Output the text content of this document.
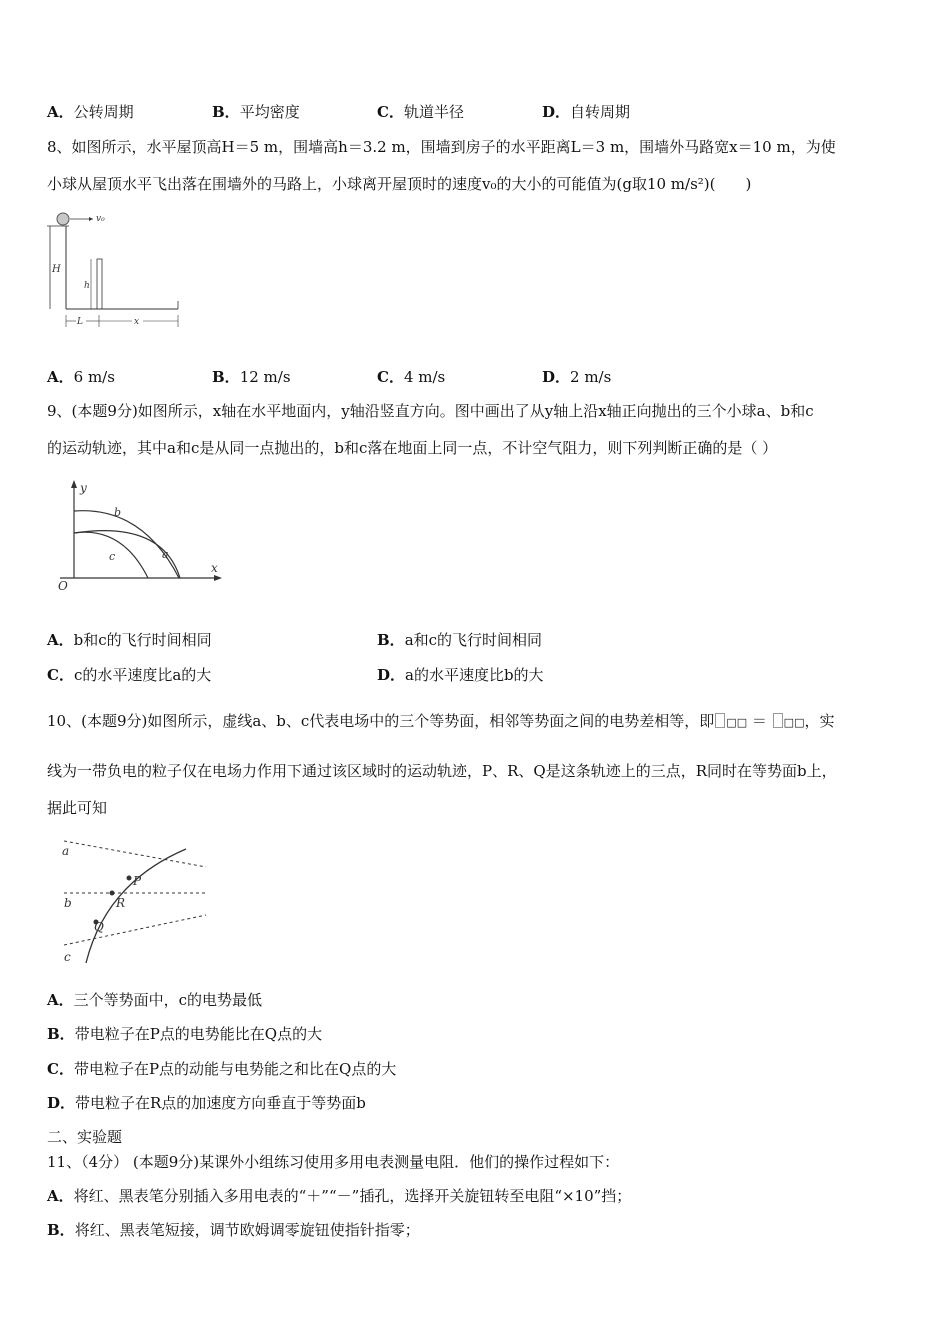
A．公转周期	B．平均密度	C．轨道半径	D．自转周期
8、如图所示，水平屋顶高H＝5 m，围墙高h＝3.2 m，围墙到房子的水平距离L＝3 m，围墙外马路宽x＝10 m，为使
小球从屋顶水平飞出落在围墙外的马路上，小球离开屋顶时的速度v₀的大小的可能值为(g取10 m/s²)(　　)
v₀
H
h
L	x
A．6 m/s	B．12 m/s	C．4 m/s	D．2 m/s
9、(本题9分)如图所示，x轴在水平地面内，y轴沿竖直方向。图中画出了从y轴上沿x轴正向抛出的三个小球a、b和c
的运动轨迹，其中a和c是从同一点抛出的，b和c落在地面上同一点，不计空气阻力，则下列判断正确的是（ ）
y
x
O
b
c	a
A．b和c的飞行时间相同	B．a和c的飞行时间相同
C．c的水平速度比a的大	D．a的水平速度比b的大
10、(本题9分)如图所示，虚线a、b、c代表电场中的三个等势面，相邻等势面之间的电势差相等，即 □□ ＝ □□，实
线为一带负电的粒子仅在电场力作用下通过该区域时的运动轨迹，P、R、Q是这条轨迹上的三点，R同时在等势面b上，
据此可知
a
b
c
P
R
Q
A．三个等势面中，c的电势最低
B．带电粒子在P点的电势能比在Q点的大
C．带电粒子在P点的动能与电势能之和比在Q点的大
D．带电粒子在R点的加速度方向垂直于等势面b
二、实验题
11、（4分） (本题9分)某课外小组练习使用多用电表测量电阻．他们的操作过程如下：
A．将红、黑表笔分别插入多用电表的“＋”“－”插孔，选择开关旋钮转至电阻“×10”挡；
B．将红、黑表笔短接，调节欧姆调零旋钮使指针指零；
